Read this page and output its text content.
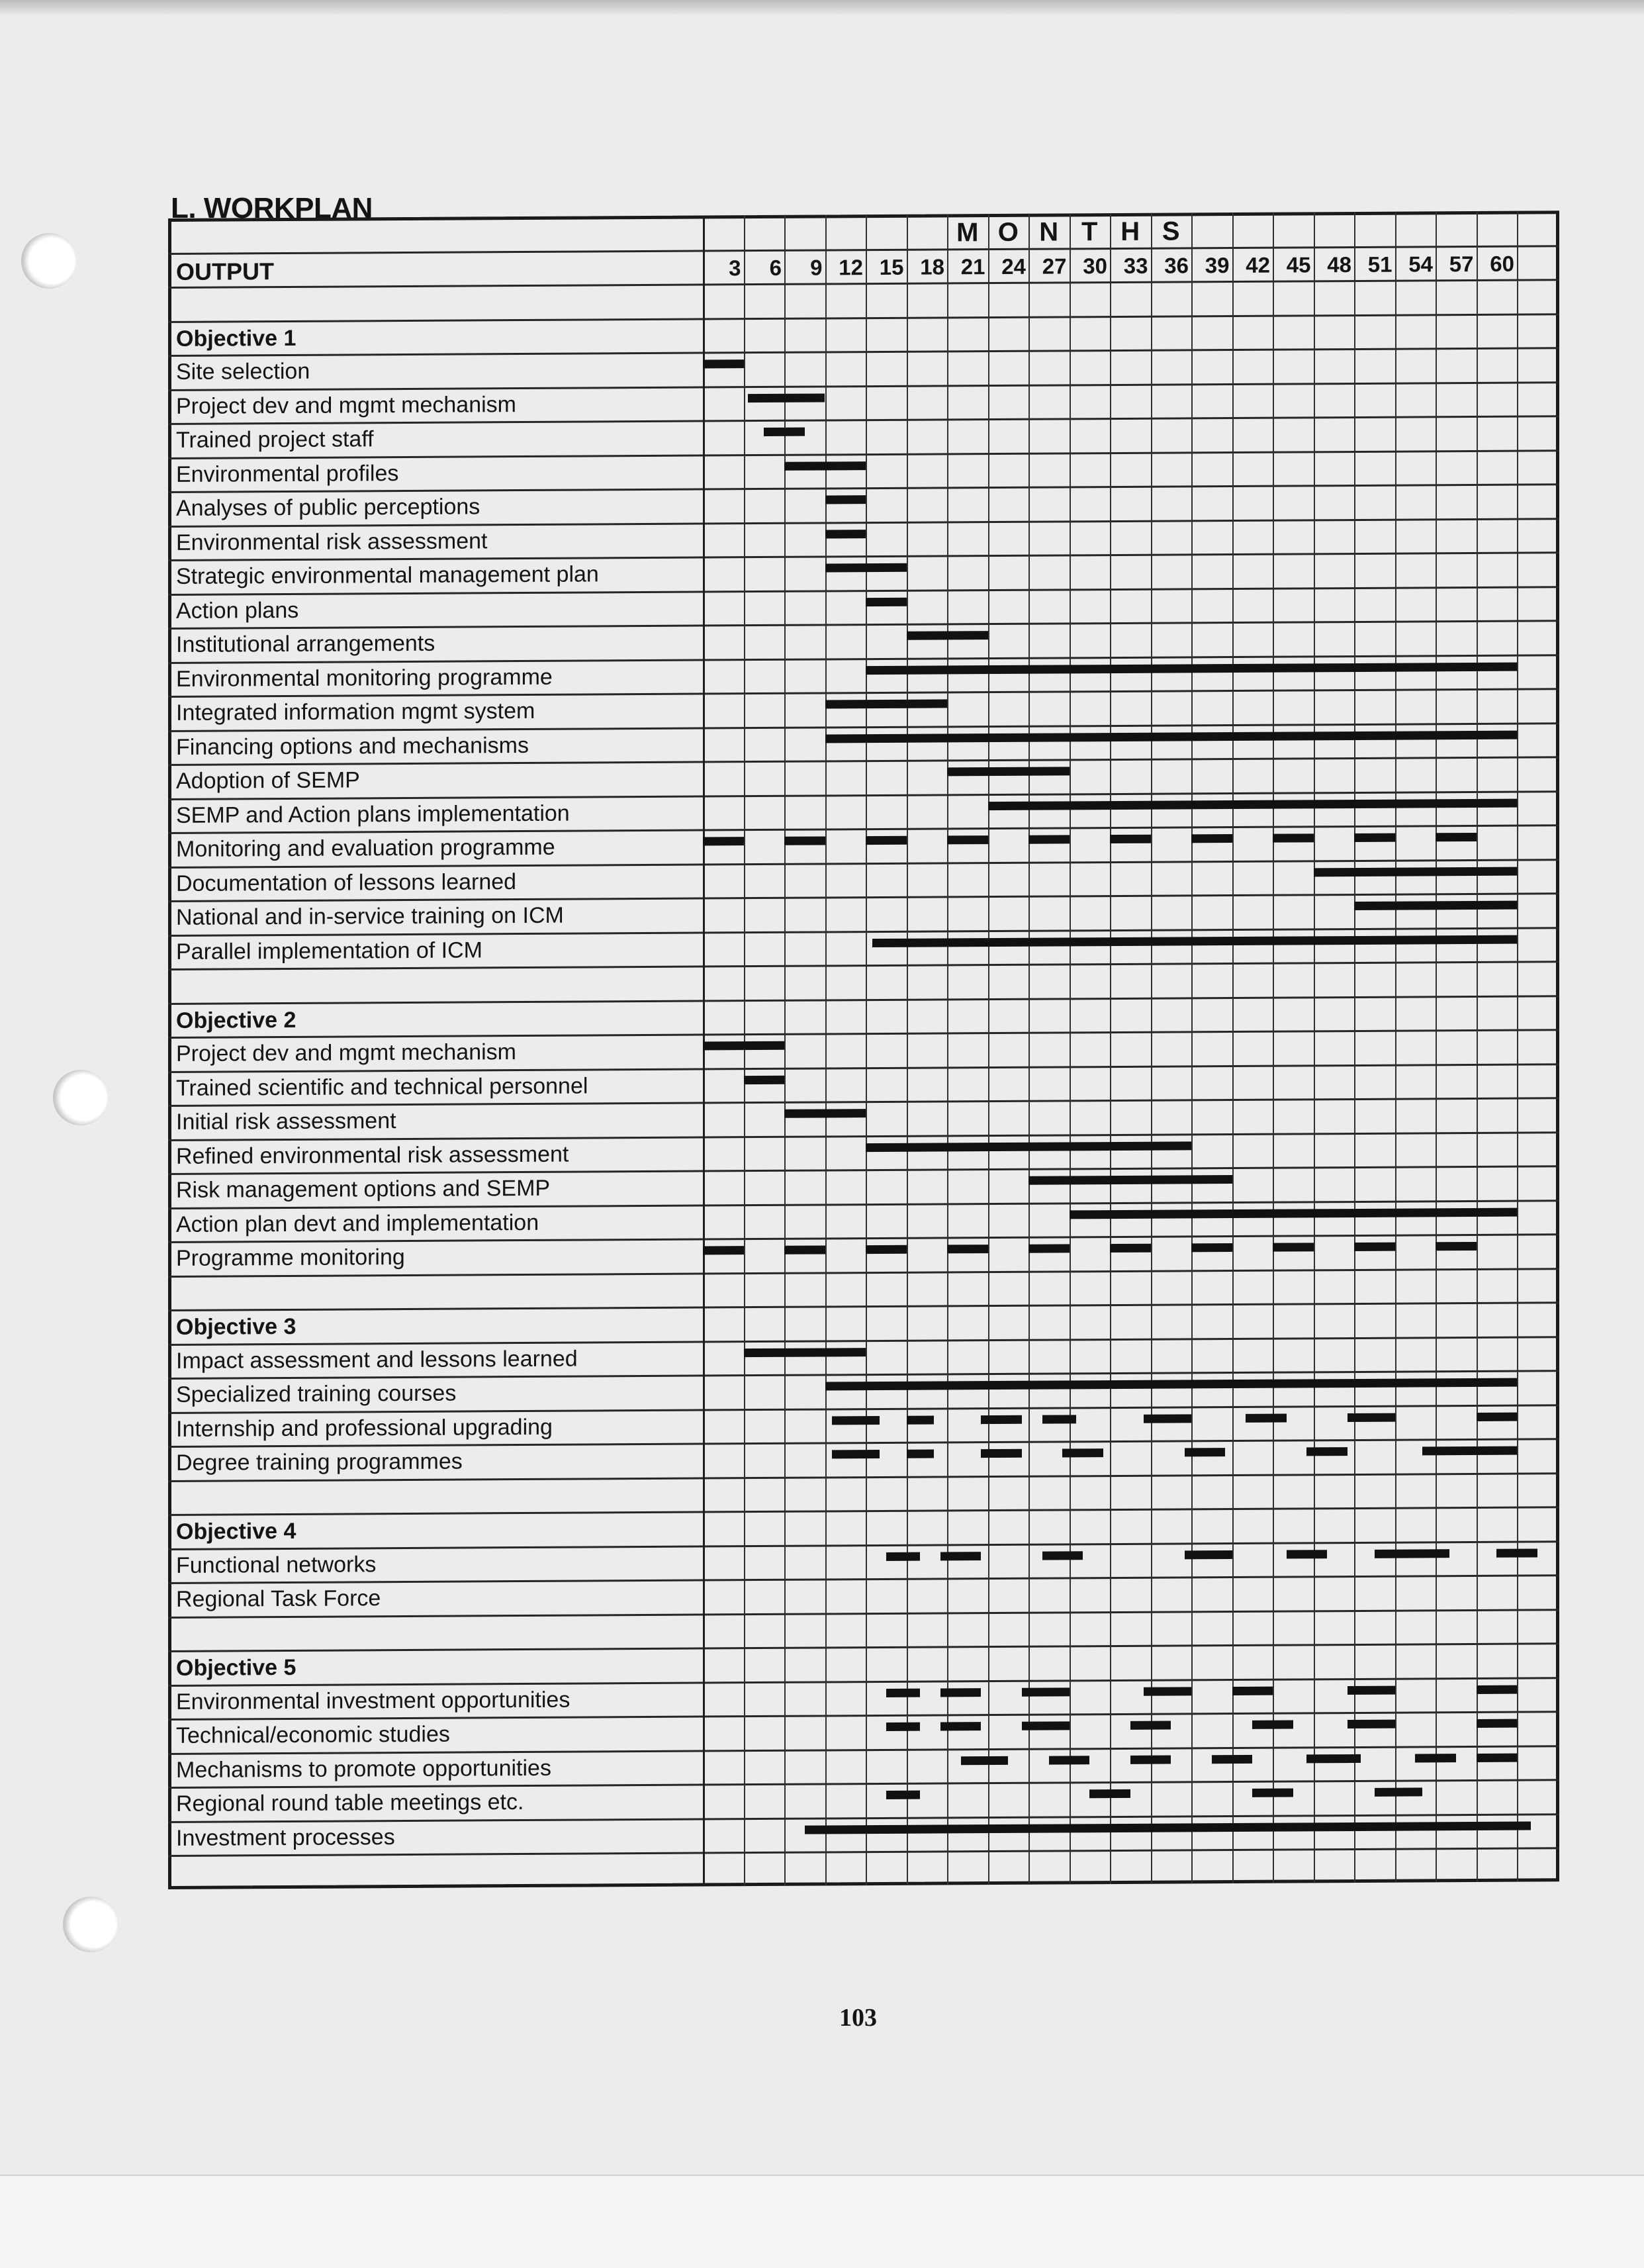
L. WORKPLAN
M O N T H S
3	6	9 12 15 18 21 24 27 30 33 36 39 42 45 48 51 54 57 60
OUTPUT
Objective 1
Site selection
Project dev and mgmt mechanism
Trained project staff
Environmental profiles
Analyses of public perceptions
Environmental risk assessment
Strategic environmental management plan
Action plans
Institutional arrangements
Environmental monitoring programme
Integrated information mgmt system
Financing options and mechanisms
Adoption of SEMP
SEMP and Action plans implementation
Monitoring and evaluation programme
Documentation of lessons learned
National and in-service training on ICM
Parallel implementation of ICM
Objective 2
Project dev and mgmt mechanism
Trained scientific and technical personnel
Initial risk assessment
Refined environmental risk assessment
Risk management options and SEMP
Action plan devt and implementation
Programme monitoring
Objective 3
Impact assessment and lessons learned
Specialized training courses
Internship and professional upgrading
Degree training programmes
Objective 4
Functional networks
Regional Task Force
Objective 5
Environmental investment opportunities
Technical/economic studies
Mechanisms to promote opportunities
Regional round table meetings etc.
Investment processes
103
